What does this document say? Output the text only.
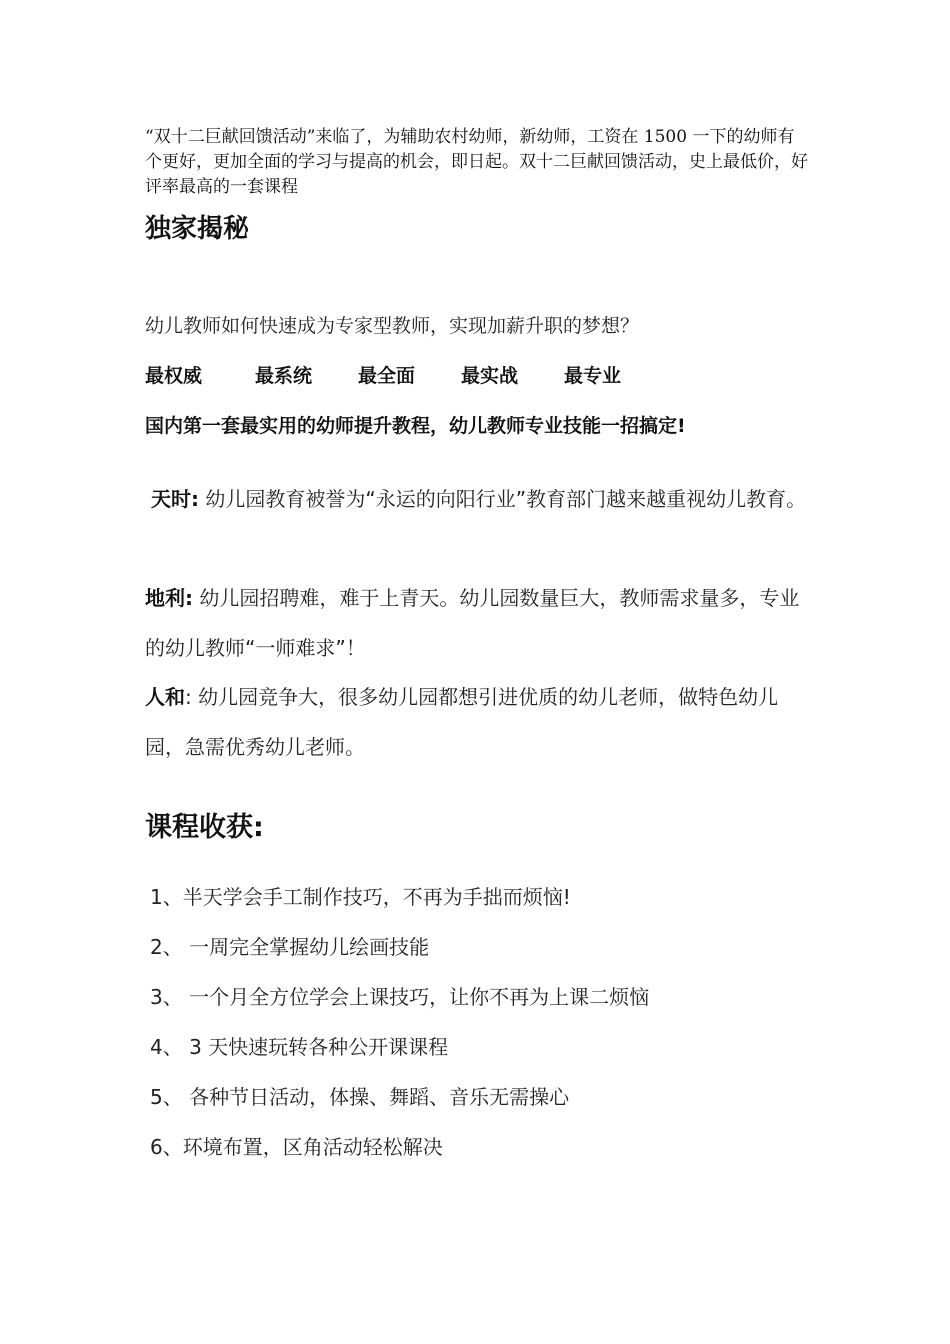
“双十二巨献回馈活动”来临了，为辅助农村幼师，新幼师，工资在 1500 一下的幼师有个更好，更加全面的学习与提高的机会，即日起。双十二巨献回馈活动，史上最低价，好评率最高的一套课程
独家揭秘
幼儿教师如何快速成为专家型教师，实现加薪升职的梦想？
最权威	最系统	最全面	最实战	最专业
国内第一套最实用的幼师提升教程，幼儿教师专业技能一招搞定!
天时: 幼儿园教育被誉为“永运的向阳行业”教育部门越来越重视幼儿教育。
地利: 幼儿园招聘难，难于上青天。幼儿园数量巨大，教师需求量多，专业的幼儿教师“一师难求”！
人和: 幼儿园竞争大，很多幼儿园都想引进优质的幼儿老师，做特色幼儿园，急需优秀幼儿老师。
课程收获:
1、半天学会手工制作技巧，不再为手拙而烦恼!
2、 一周完全掌握幼儿绘画技能
3、 一个月全方位学会上课技巧，让你不再为上课二烦恼
4、 3 天快速玩转各种公开课课程
5、 各种节日活动，体操、舞蹈、音乐无需操心
6、环境布置，区角活动轻松解决
